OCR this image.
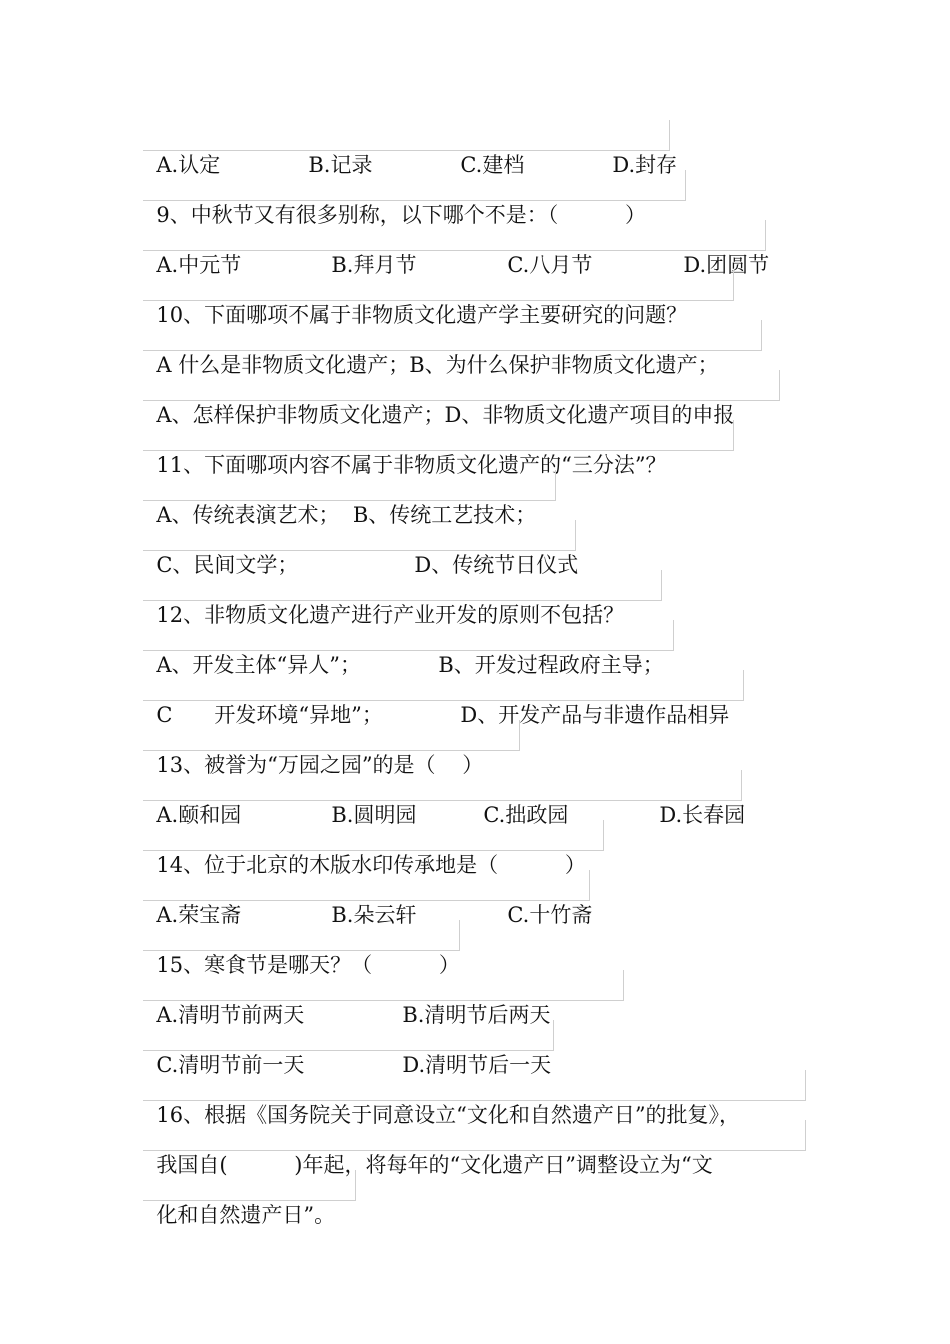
A.认定	B.记录	C.建档	D.封存

9、中秋节又有很多别称，以下哪个不是：（          ）

A.中元节	B.拜月节	C.八月节	D.团圆节

10、下面哪项不属于非物质文化遗产学主要研究的问题？

A 什么是非物质文化遗产；B、为什么保护非物质文化遗产；

A、怎样保护非物质文化遗产；D、非物质文化遗产项目的申报

11、下面哪项内容不属于非物质文化遗产的“三分法”？

A、传统表演艺术；  B、传统工艺技术；

C、民间文学；	D、传统节日仪式

12、非物质文化遗产进行产业开发的原则不包括？

A、开发主体“异人”；	B、开发过程政府主导；

C 开发环境“异地”；	D、开发产品与非遗作品相异

13、被誉为“万园之园”的是（    ）

A.颐和园	B.圆明园	C.拙政园	D.长春园

14、位于北京的木版水印传承地是（          ）

A.荣宝斋	B.朵云轩	C.十竹斋

15、寒食节是哪天？（          ）

A.清明节前两天	B.清明节后两天

C.清明节前一天	D.清明节后一天

16、根据《国务院关于同意设立“文化和自然遗产日”的批复》，

我国自(          )年起，将每年的“文化遗产日”调整设立为“文

化和自然遗产日”。
